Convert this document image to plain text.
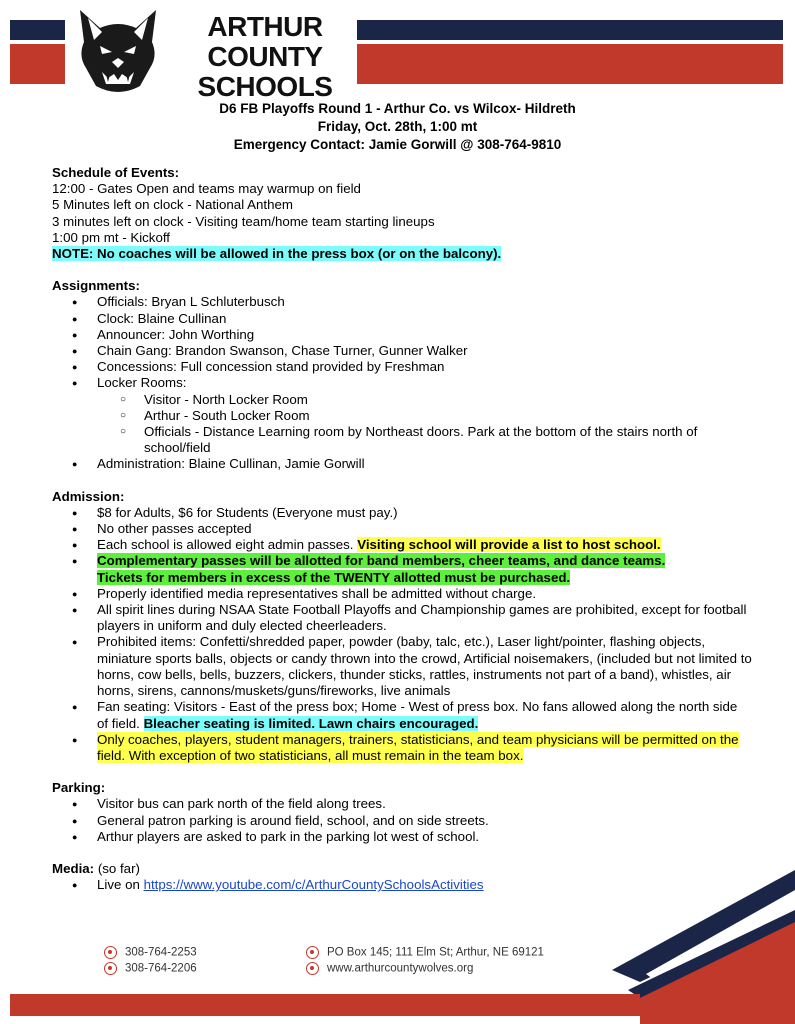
ARTHUR COUNTY
SCHOOLS
D6 FB Playoffs Round 1 - Arthur Co. vs Wilcox- Hildreth
Friday, Oct. 28th, 1:00 mt
Emergency Contact: Jamie Gorwill @ 308-764-9810

Schedule of Events:

12:00 - Gates Open and teams may warmup on field

5 Minutes left on clock - National Anthem

3 minutes left on clock - Visiting team/home team starting lineups

1:00 pm mt - Kickoff

NOTE: No coaches will be allowed in the press box (or on the balcony).

Assignments:

● Officials: Bryan L Schluterbusch
● Clock: Blaine Cullinan
● Announcer: John Worthing
● Chain Gang: Brandon Swanson, Chase Turner, Gunner Walker
● Concessions: Full concession stand provided by Freshman
● Locker Rooms:
○ Visitor - North Locker Room
○ Arthur - South Locker Room
○ Officials - Distance Learning room by Northeast doors. Park at the bottom of the stairs north of school/field
● Administration: Blaine Cullinan, Jamie Gorwill

Admission:

● $8 for Adults, $6 for Students (Everyone must pay.)
● No other passes accepted
● Each school is allowed eight admin passes. Visiting school will provide a list to host school.
● Complementary passes will be allotted for band members, cheer teams, and dance teams.
Tickets for members in excess of the TWENTY allotted must be purchased.
● Properly identified media representatives shall be admitted without charge.
● All spirit lines during NSAA State Football Playoffs and Championship games are prohibited, except for football players in uniform and duly elected cheerleaders.
● Prohibited items: Confetti/shredded paper, powder (baby, talc, etc.), Laser light/pointer, flashing objects, miniature sports balls, objects or candy thrown into the crowd, Artificial noisemakers, (included but not limited to horns, cow bells, bells, buzzers, clickers, thunder sticks, rattles, instruments not part of a band), whistles, air horns, sirens, cannons/muskets/guns/fireworks, live animals
● Fan seating: Visitors - East of the press box; Home - West of press box. No fans allowed along the north side of field. Bleacher seating is limited. Lawn chairs encouraged.
● Only coaches, players, student managers, trainers, statisticians, and team physicians will be permitted on the field. With exception of two statisticians, all must remain in the team box.

Parking:

● Visitor bus can park north of the field along trees.
● General patron parking is around field, school, and on side streets.
● Arthur players are asked to park in the parking lot west of school.

Media: (so far)

● Live on https://www.youtube.com/c/ArthurCountySchoolsActivities
308-764-2253
308-764-2206
PO Box 145; 111 Elm St; Arthur, NE 69121
www.arthurcountywolves.org
